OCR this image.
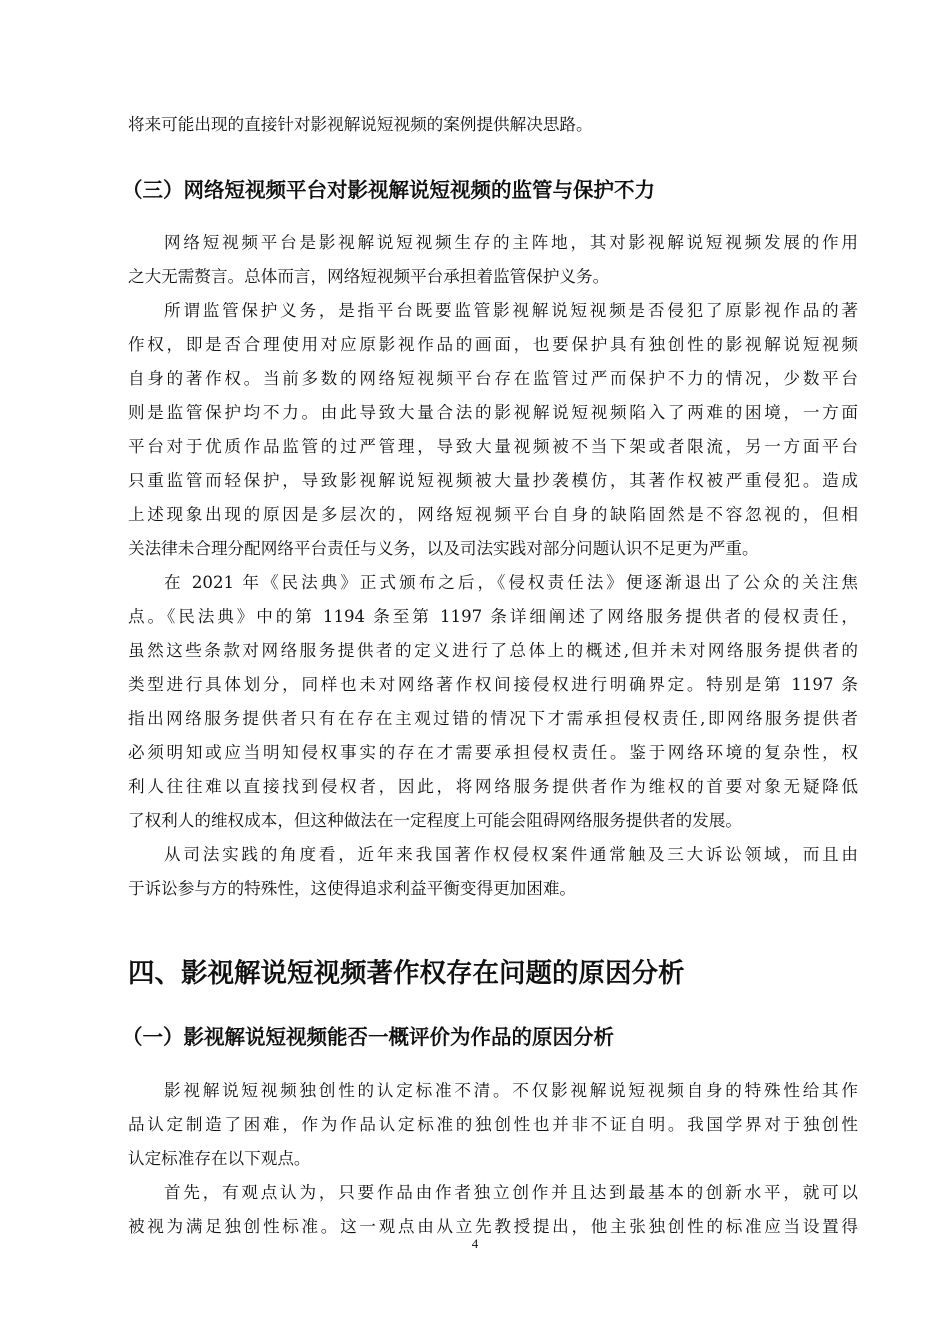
将来可能出现的直接针对影视解说短视频的案例提供解决思路。
（三）网络短视频平台对影视解说短视频的监管与保护不力
网络短视频平台是影视解说短视频生存的主阵地，其对影视解说短视频发展的作用
之大无需赘言。总体而言，网络短视频平台承担着监管保护义务。
所谓监管保护义务，是指平台既要监管影视解说短视频是否侵犯了原影视作品的著
作权，即是否合理使用对应原影视作品的画面，也要保护具有独创性的影视解说短视频
自身的著作权。当前多数的网络短视频平台存在监管过严而保护不力的情况，少数平台
则是监管保护均不力。由此导致大量合法的影视解说短视频陷入了两难的困境，一方面
平台对于优质作品监管的过严管理，导致大量视频被不当下架或者限流，另一方面平台
只重监管而轻保护，导致影视解说短视频被大量抄袭模仿，其著作权被严重侵犯。造成
上述现象出现的原因是多层次的，网络短视频平台自身的缺陷固然是不容忽视的，但相
关法律未合理分配网络平台责任与义务，以及司法实践对部分问题认识不足更为严重。
在 2021 年《民法典》正式颁布之后，《侵权责任法》便逐渐退出了公众的关注焦
点。《民法典》中的第 1194 条至第 1197 条详细阐述了网络服务提供者的侵权责任，
虽然这些条款对网络服务提供者的定义进行了总体上的概述,但并未对网络服务提供者的
类型进行具体划分，同样也未对网络著作权间接侵权进行明确界定。特别是第 1197 条
指出网络服务提供者只有在存在主观过错的情况下才需承担侵权责任,即网络服务提供者
必须明知或应当明知侵权事实的存在才需要承担侵权责任。鉴于网络环境的复杂性，权
利人往往难以直接找到侵权者，因此，将网络服务提供者作为维权的首要对象无疑降低
了权利人的维权成本，但这种做法在一定程度上可能会阻碍网络服务提供者的发展。
从司法实践的角度看，近年来我国著作权侵权案件通常触及三大诉讼领域，而且由
于诉讼参与方的特殊性，这使得追求利益平衡变得更加困难。
四、影视解说短视频著作权存在问题的原因分析
（一）影视解说短视频能否一概评价为作品的原因分析
影视解说短视频独创性的认定标准不清。不仅影视解说短视频自身的特殊性给其作
品认定制造了困难，作为作品认定标准的独创性也并非不证自明。我国学界对于独创性
认定标准存在以下观点。
首先，有观点认为，只要作品由作者独立创作并且达到最基本的创新水平，就可以
被视为满足独创性标准。这一观点由从立先教授提出，他主张独创性的标准应当设置得
4
